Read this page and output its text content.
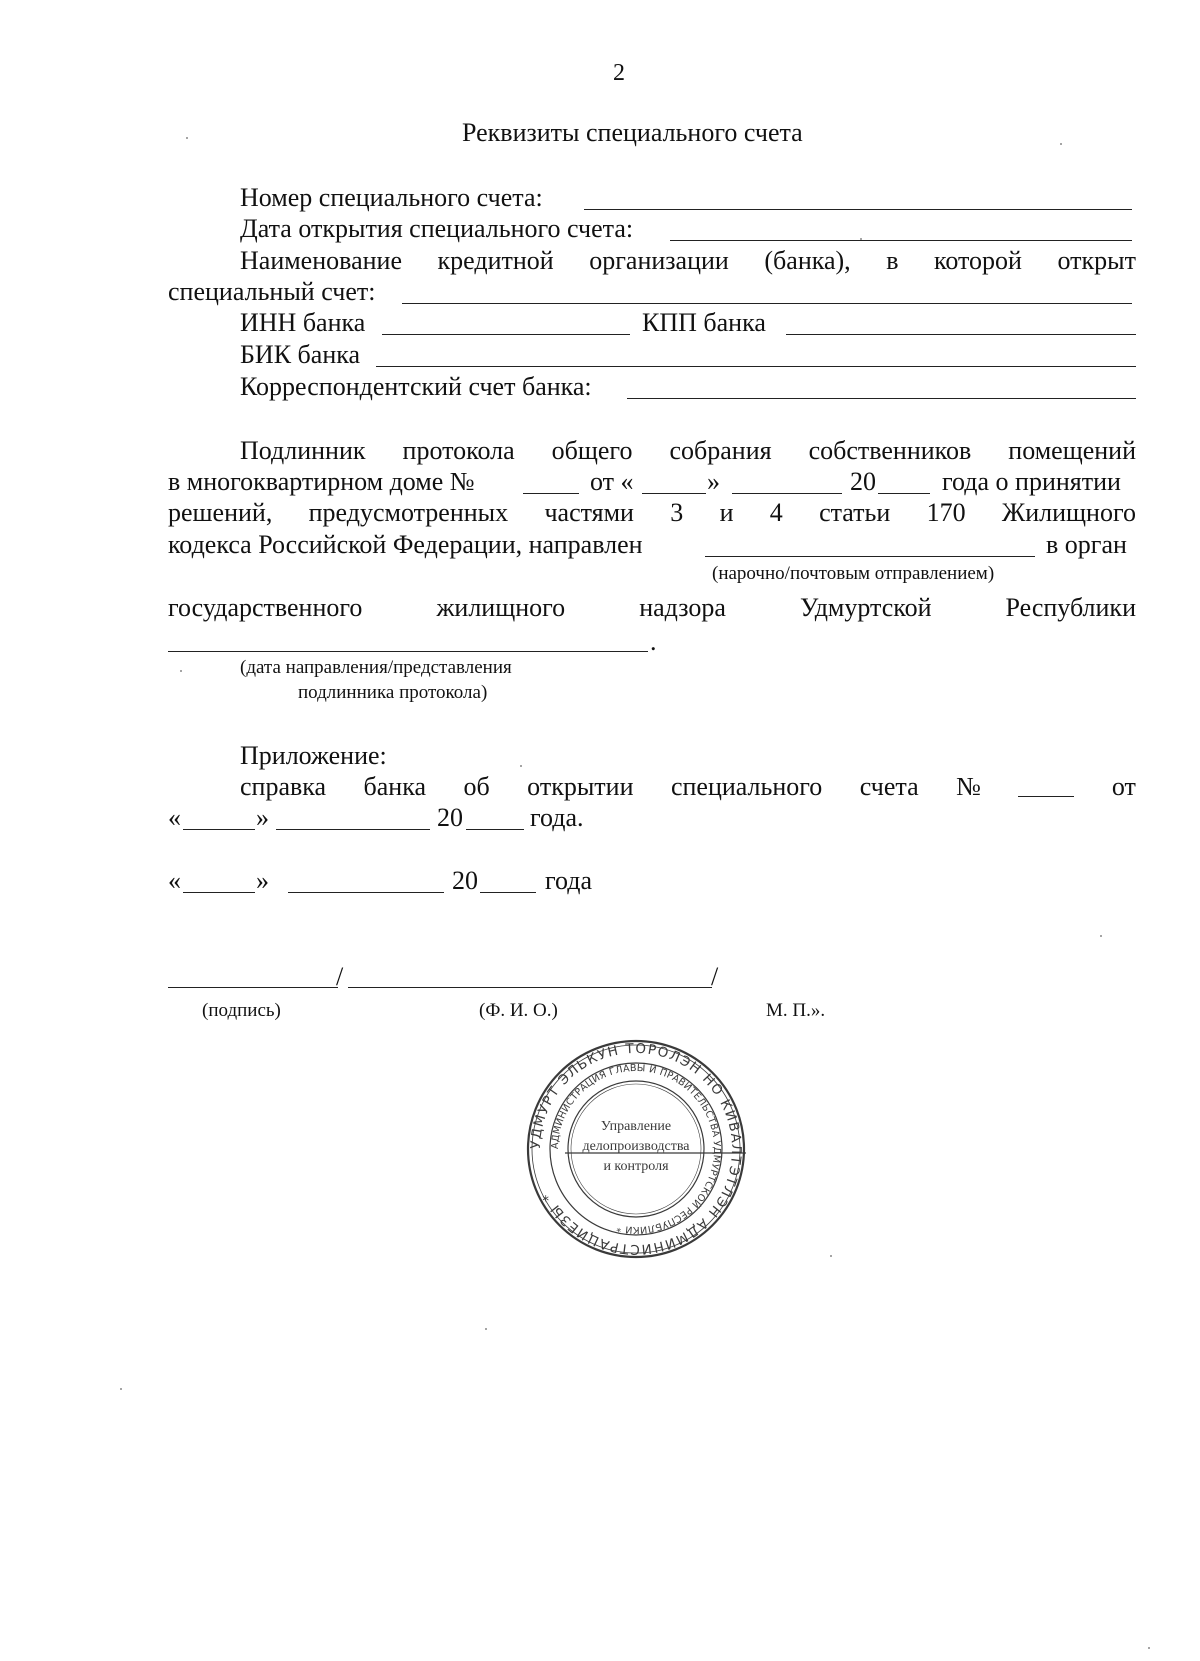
2
Реквизиты специального счета
Номер специального счета:
Дата открытия специального счета:
Наименование кредитной организации (банка), в которой открыт
специальный счет:
ИНН банка	КПП банка
БИК банка
Корреспондентский счет банка:
Подлинник протокола общего собрания собственников помещений
в многоквартирном доме №	от «	»	20	года о принятии
решений, предусмотренных частями 3 и 4 статьи 170 Жилищного
кодекса Российской Федерации, направлен	в орган
(нарочно/почтовым отправлением)
государственного	жилищного	надзора	Удмуртской	Республики
.
(дата направления/представления
подлинника протокола)
Приложение:
справка банка об открытии специального счета №	от
«	»	20	года.
«	»	20	года
/	/
(подпись)	(Ф. И. О.)	М. П.».
УДМУРТ ЭЛЬКУН ТӦРОЛЭН НО КИВАЛТЭТЛЭН АДМИНИСТРАЦИЕЗЫ *
АДМИНИСТРАЦИЯ ГЛАВЫ И ПРАВИТЕЛЬСТВА УДМУРТСКОЙ РЕСПУБЛИКИ *
Управление
делопроизводства
и контроля
